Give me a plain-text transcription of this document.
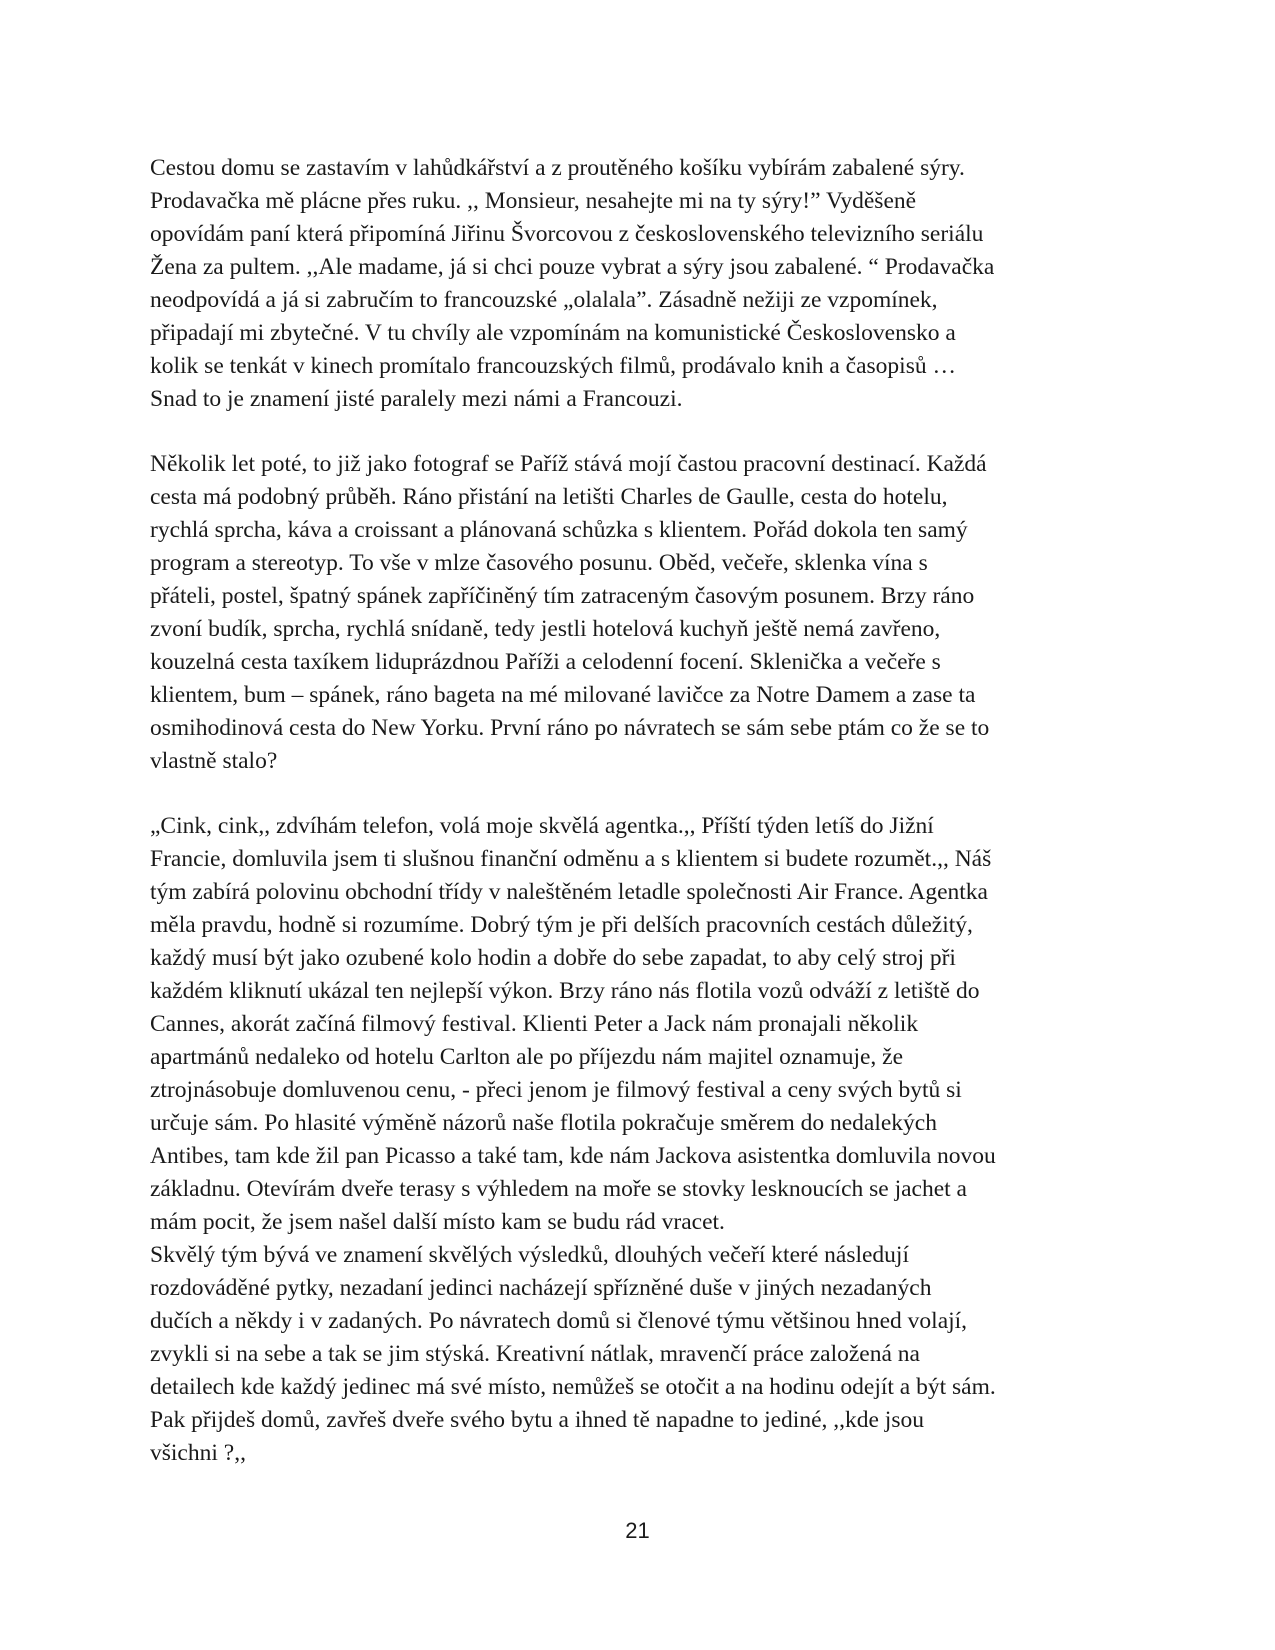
Cestou domu se zastavím v lahůdkářství a z proutěného košíku vybírám zabalené sýry.
Prodavačka mě plácne přes ruku. ,, Monsieur, nesahejte mi na ty sýry!” Vyděšeně
opovídám paní která připomíná Jiřinu Švorcovou z československého televizního seriálu
Žena za pultem. ,,Ale madame, já si chci pouze vybrat a sýry jsou zabalené. “ Prodavačka
neodpovídá a já si zabručím to francouzské „olalala”. Zásadně nežiji ze vzpomínek,
připadají mi zbytečné. V tu chvíly ale vzpomínám na komunistické Československo a
kolik se tenkát v kinech promítalo francouzských filmů, prodávalo knih a časopisů …
Snad to je znamení jisté paralely mezi námi a Francouzi.
Několik let poté, to již jako fotograf se Paříž stává mojí častou pracovní destinací. Každá
cesta má podobný průběh. Ráno přistání na letišti Charles de Gaulle, cesta do hotelu,
rychlá sprcha, káva a croissant a plánovaná schůzka s klientem. Pořád dokola ten samý
program a stereotyp. To vše v mlze časového posunu. Oběd, večeře, sklenka vína s
přáteli, postel, špatný spánek zapříčiněný tím zatraceným časovým posunem. Brzy ráno
zvoní budík, sprcha, rychlá snídaně, tedy jestli hotelová kuchyň ještě nemá zavřeno,
kouzelná cesta taxíkem liduprázdnou Paříži a celodenní focení. Sklenička a večeře s
klientem, bum – spánek, ráno bageta na mé milované lavičce za Notre Damem a zase ta
osmihodinová cesta do New Yorku. První ráno po návratech se sám sebe ptám co že se to
vlastně stalo?
„Cink, cink,, zdvíhám telefon, volá moje skvělá agentka.,, Příští týden letíš do Jižní
Francie, domluvila jsem ti slušnou finanční odměnu a s klientem si budete rozumět.,, Náš
tým zabírá polovinu obchodní třídy v naleštěném letadle společnosti Air France. Agentka
měla pravdu, hodně si rozumíme. Dobrý tým je při delších pracovních cestách důležitý,
každý musí být jako ozubené kolo hodin a dobře do sebe zapadat, to aby celý stroj při
každém kliknutí ukázal ten nejlepší výkon. Brzy ráno nás flotila vozů odváží z letiště do
Cannes, akorát začíná filmový festival. Klienti Peter a Jack nám pronajali několik
apartmánů nedaleko od hotelu Carlton ale po příjezdu nám majitel oznamuje, že
ztrojnásobuje domluvenou cenu, - přeci jenom je filmový festival a ceny svých bytů si
určuje sám. Po hlasité výměně názorů naše flotila pokračuje směrem do nedalekých
Antibes, tam kde žil pan Picasso a také tam, kde nám Jackova asistentka domluvila novou
základnu. Otevírám dveře terasy s výhledem na moře se stovky lesknoucích se jachet a
mám pocit, že jsem našel další místo kam se budu rád vracet.
Skvělý tým bývá ve znamení skvělých výsledků, dlouhých večeří které následují
rozdováděné pytky, nezadaní jedinci nacházejí spřízněné duše v jiných nezadaných
dučích a někdy i v zadaných. Po návratech domů si členové týmu většinou hned volají,
zvykli si na sebe a tak se jim stýská. Kreativní nátlak, mravenčí práce založená na
detailech kde každý jedinec má své místo, nemůžeš se otočit a na hodinu odejít a být sám.
Pak přijdeš domů, zavřeš dveře svého bytu a ihned tě napadne to jediné, ,,kde jsou
všichni ?,,
21
